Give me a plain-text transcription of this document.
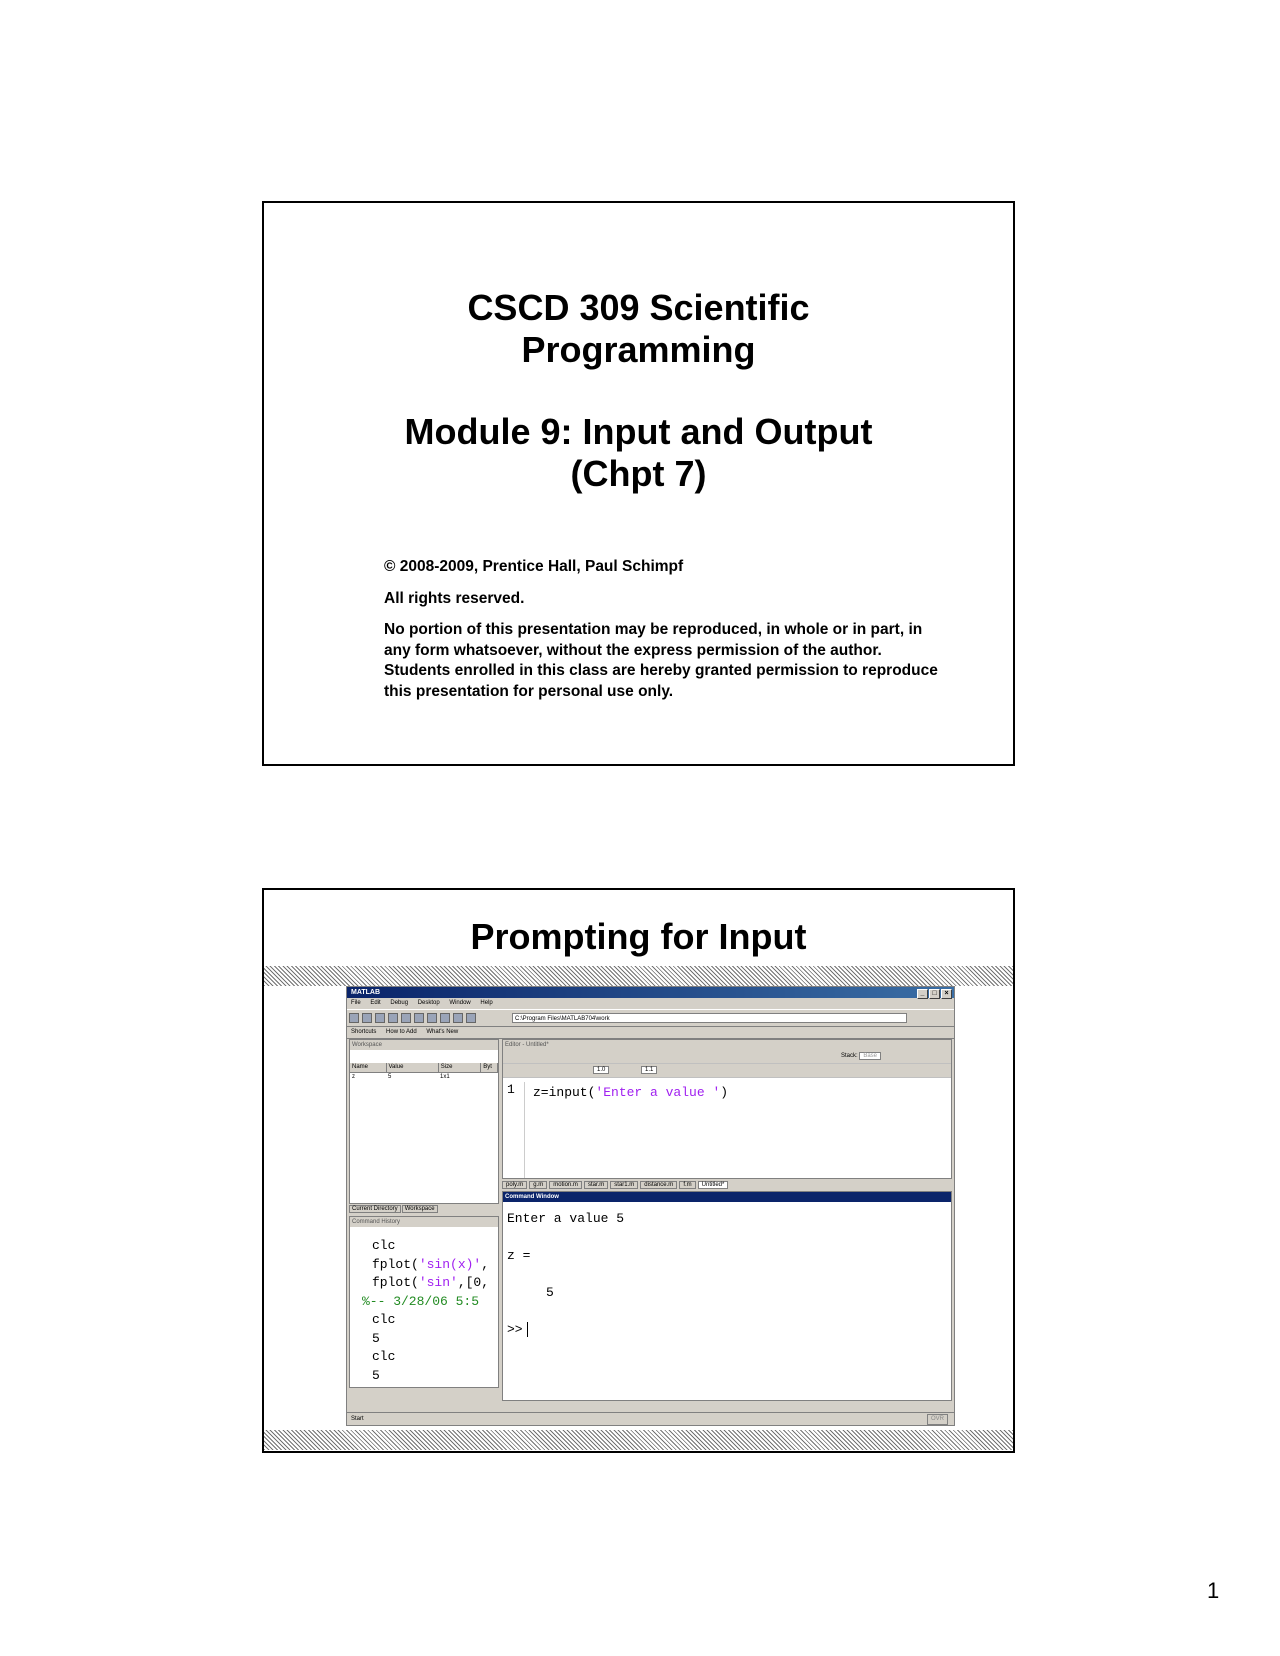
CSCD 309 Scientific
Programming
Module 9: Input and Output
(Chpt 7)

© 2008-2009, Prentice Hall, Paul Schimpf

All rights reserved.

No portion of this presentation may be reproduced, in whole or in part, in any form whatsoever, without the express permission of the author. Students enrolled in this class are hereby granted permission to reproduce this presentation for personal use only.

Prompting for Input
MATLAB	_ □ ×
File Edit Debug Desktop Window Help
C:\Program Files\MATLAB704\work
Shortcuts How to Add What's New
Workspace
Name	Value	Size	Byt
z	5	1x1
Current Directory Workspace
Command History
clc
fplot('sin(x)',
fplot('sin',[0,
%-- 3/28/06 5:5
clc
5
clc
5
Editor - Untitled*
Stack: Base
1.0	1.1
1	z=input('Enter a value ')
poly.m g.m motion.m star.m star1.m distance.m f.m Untitled*
Command Window
Enter a value 5

z =

5

>>
Start	OVR
1
